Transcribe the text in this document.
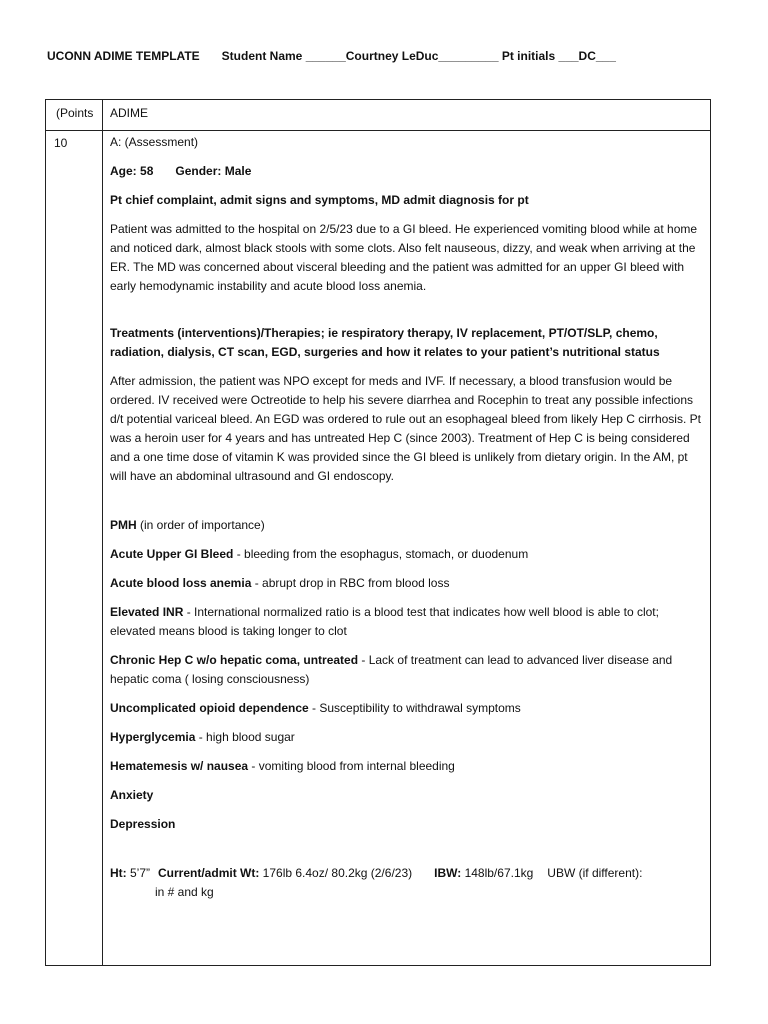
UCONN ADIME TEMPLATE Student Name ______Courtney LeDuc_________ Pt initials ___DC___
(Points ADIME
10	A: (Assessment)

Age: 58 Gender: Male

Pt chief complaint, admit signs and symptoms, MD admit diagnosis for pt

Patient was admitted to the hospital on 2/5/23 due to a GI bleed. He experienced vomiting blood while at home and noticed dark, almost black stools with some clots. Also felt nauseous, dizzy, and weak when arriving at the ER. The MD was concerned about visceral bleeding and the patient was admitted for an upper GI bleed with early hemodynamic instability and acute blood loss anemia.

Treatments (interventions)/Therapies; ie respiratory therapy, IV replacement, PT/OT/SLP, chemo, radiation, dialysis, CT scan, EGD, surgeries and how it relates to your patient’s nutritional status

After admission, the patient was NPO except for meds and IVF. If necessary, a blood transfusion would be ordered. IV received were Octreotide to help his severe diarrhea and Rocephin to treat any possible infections d/t potential variceal bleed. An EGD was ordered to rule out an esophageal bleed from likely Hep C cirrhosis. Pt was a heroin user for 4 years and has untreated Hep C (since 2003). Treatment of Hep C is being considered and a one time dose of vitamin K was provided since the GI bleed is unlikely from dietary origin. In the AM, pt will have an abdominal ultrasound and GI endoscopy.

PMH (in order of importance)

Acute Upper GI Bleed - bleeding from the esophagus, stomach, or duodenum

Acute blood loss anemia - abrupt drop in RBC from blood loss

Elevated INR - International normalized ratio is a blood test that indicates how well blood is able to clot; elevated means blood is taking longer to clot

Chronic Hep C w/o hepatic coma, untreated - Lack of treatment can lead to advanced liver disease and hepatic coma ( losing consciousness)

Uncomplicated opioid dependence - Susceptibility to withdrawal symptoms

Hyperglycemia - high blood sugar

Hematemesis w/ nausea - vomiting blood from internal bleeding

Anxiety

Depression

Ht: 5’7” Current/admit Wt: 176lb 6.4oz/ 80.2kg (2/6/23) IBW: 148lb/67.1kg UBW (if different):

in # and kg
